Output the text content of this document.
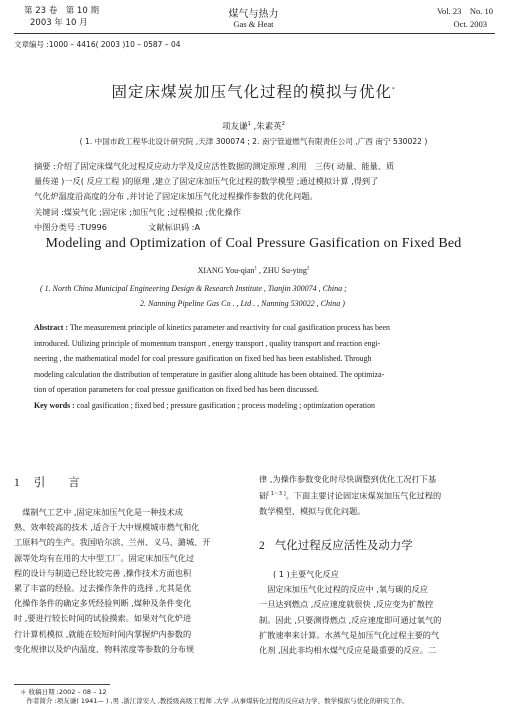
第 23 卷　第 10 期
2003 年 10 月
煤气与热力
Gas & Heat
Vol. 23　No. 10
Oct. 2003
文章编号 :1000 – 4416( 2003 )10 – 0587 – 04
固定床煤炭加压气化过程的模拟与优化*
项友谦$^1$ ,朱素英$^2$
( 1. 中国市政工程华北设计研究院 ,天津 300074 ; 2. 南宁管道燃气有限责任公司 ,广西 南宁 530022 )
摘要 :介绍了固定床煤气化过程反应动力学及反应活性数据的测定原理 ,利用　三传( 动量、能量、质
量传递 )一反( 反应工程 )的原理 ,建立了固定床加压气化过程的数学模型 ;通过模拟计算 ,得到了
气化炉温度沿高度的分布 ,并讨论了固定床加压气化过程操作参数的优化问题。
关键词 :煤炭气化 ;固定床 ;加压气化 ;过程模拟 ;优化操作
中图分类号 :TU996	文献标识码 :A
Modeling and Optimization of Coal Pressure Gasification on Fixed Bed
XIANG You-qian$^1$ , ZHU Su-ying$^2$
( 1. North China Municipal Engineering Design & Research Institute , Tianjin 300074 , China ;
2. Nanning Pipeline Gas Co . , Ltd . , Nanning 530022 , China )
Abstract : The measurement principle of kinetics parameter and reactivity for coal gasification process has been
introduced. Utilizing principle of momentum transport , energy transport , quality transport and reaction engi-
neering , the mathematical model for coal pressure gasification on fixed bed has been established. Through
modeling calculation the distribution of temperature in gasifier along altitude has been obtained. The optimiza-
tion of operation parameters for coal pressue gasification on fixed bed has been discussed.
Key words : coal gasification ; fixed bed ; pressure gasification ; process modeling ; optimization operation
1 引　　言
　煤制气工艺中 ,固定床加压气化是一种技术成
熟、效率较高的技术 ,适合于大中规模城市燃气和化
工原料气的生产。我国哈尔滨、兰州、义马、潞城、开
源等处均有在用的大中型工厂。固定床加压气化过
程的设计与制造已经比较完善 ,操作技术方面也积
累了丰富的经验。过去操作条件的选择 ,尤其是优
化操作条件的确定多凭经验判断 ,煤种及条件变化
时 ,要进行较长时间的试验摸索。如果对气化炉进
行计算机模拟 ,就能在较短时间内掌握炉内参数的
变化规律以及炉内温度、物料浓度等参数的分布规
律 ,为操作参数变化时尽快调整到优化工况打下基
础[ 1～3 ]。下面主要讨论固定床煤炭加压气化过程的
数学模型、模拟与优化问题。
2 气化过程反应活性及动力学
( 1 )主要气化反应
　固定床加压气化过程的反应中 ,氧与碳的反应
一旦达到燃点 ,反应速度就很快 ,反应变为扩散控
制。因此 ,只要测得燃点 ,反应速度即可通过氧气的
扩散速率来计算。水蒸气是加压气化过程主要的气
化剂 ,因此非均相水煤气反应是最重要的反应。二
＊ 收稿日期 :2002 – 08 – 12
　作者简介 :项友谦( 1941— ) ,男 ,浙江淳安人 ,教授级高级工程师 ,大学 ,从事煤转化过程的反应动力学、数学模拟与优化的研究工作。
